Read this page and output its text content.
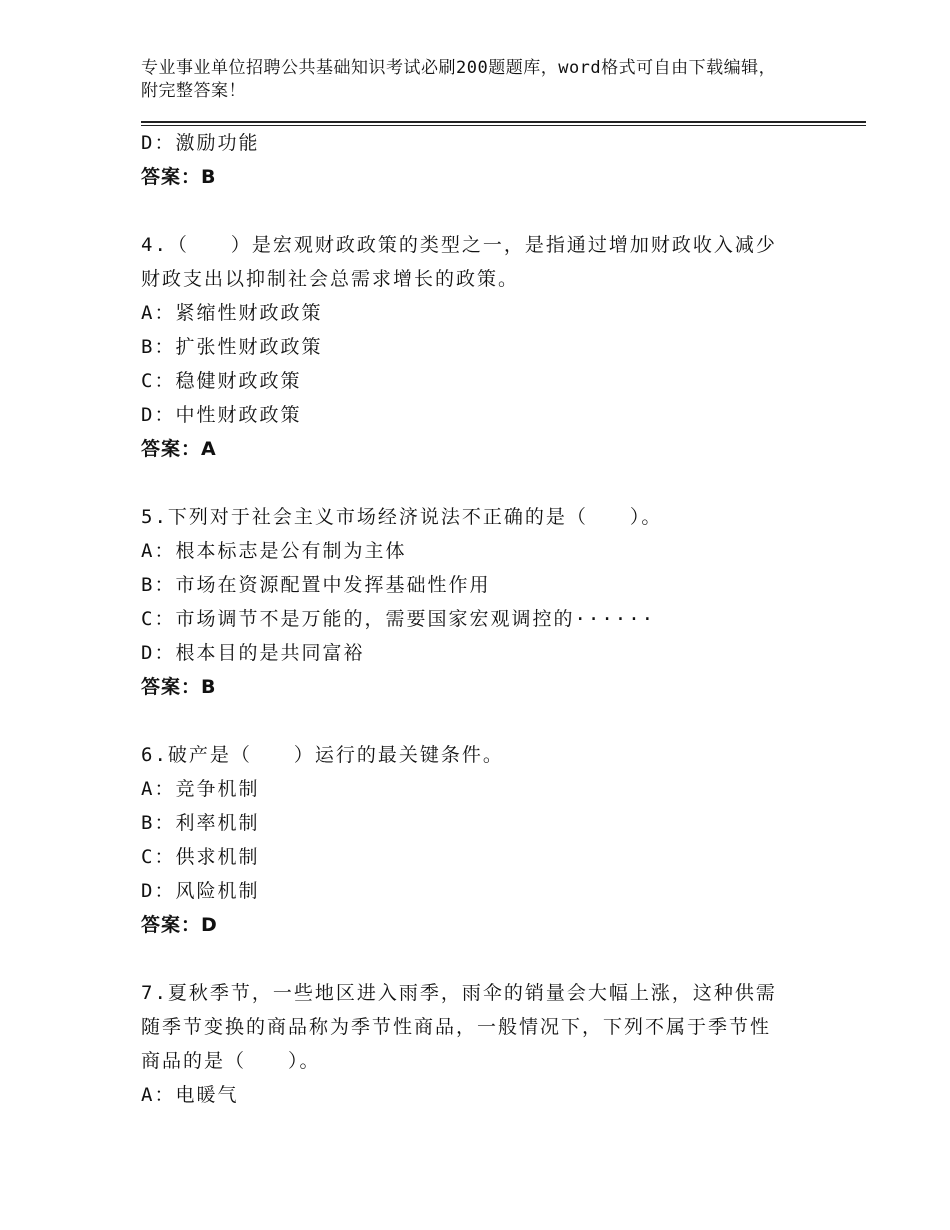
专业事业单位招聘公共基础知识考试必刷200题题库，word格式可自由下载编辑，附完整答案！
D：激励功能
答案：B
4.（　　）是宏观财政政策的类型之一，是指通过增加财政收入减少
财政支出以抑制社会总需求增长的政策。
A：紧缩性财政政策
B：扩张性财政政策
C：稳健财政政策
D：中性财政政策
答案：A
5.下列对于社会主义市场经济说法不正确的是（　　）。
A：根本标志是公有制为主体
B：市场在资源配置中发挥基础性作用
C：市场调节不是万能的，需要国家宏观调控的······
D：根本目的是共同富裕
答案：B
6.破产是（　　）运行的最关键条件。
A：竞争机制
B：利率机制
C：供求机制
D：风险机制
答案：D
7.夏秋季节，一些地区进入雨季，雨伞的销量会大幅上涨，这种供需
随季节变换的商品称为季节性商品，一般情况下，下列不属于季节性
商品的是（　　）。
A：电暖气
